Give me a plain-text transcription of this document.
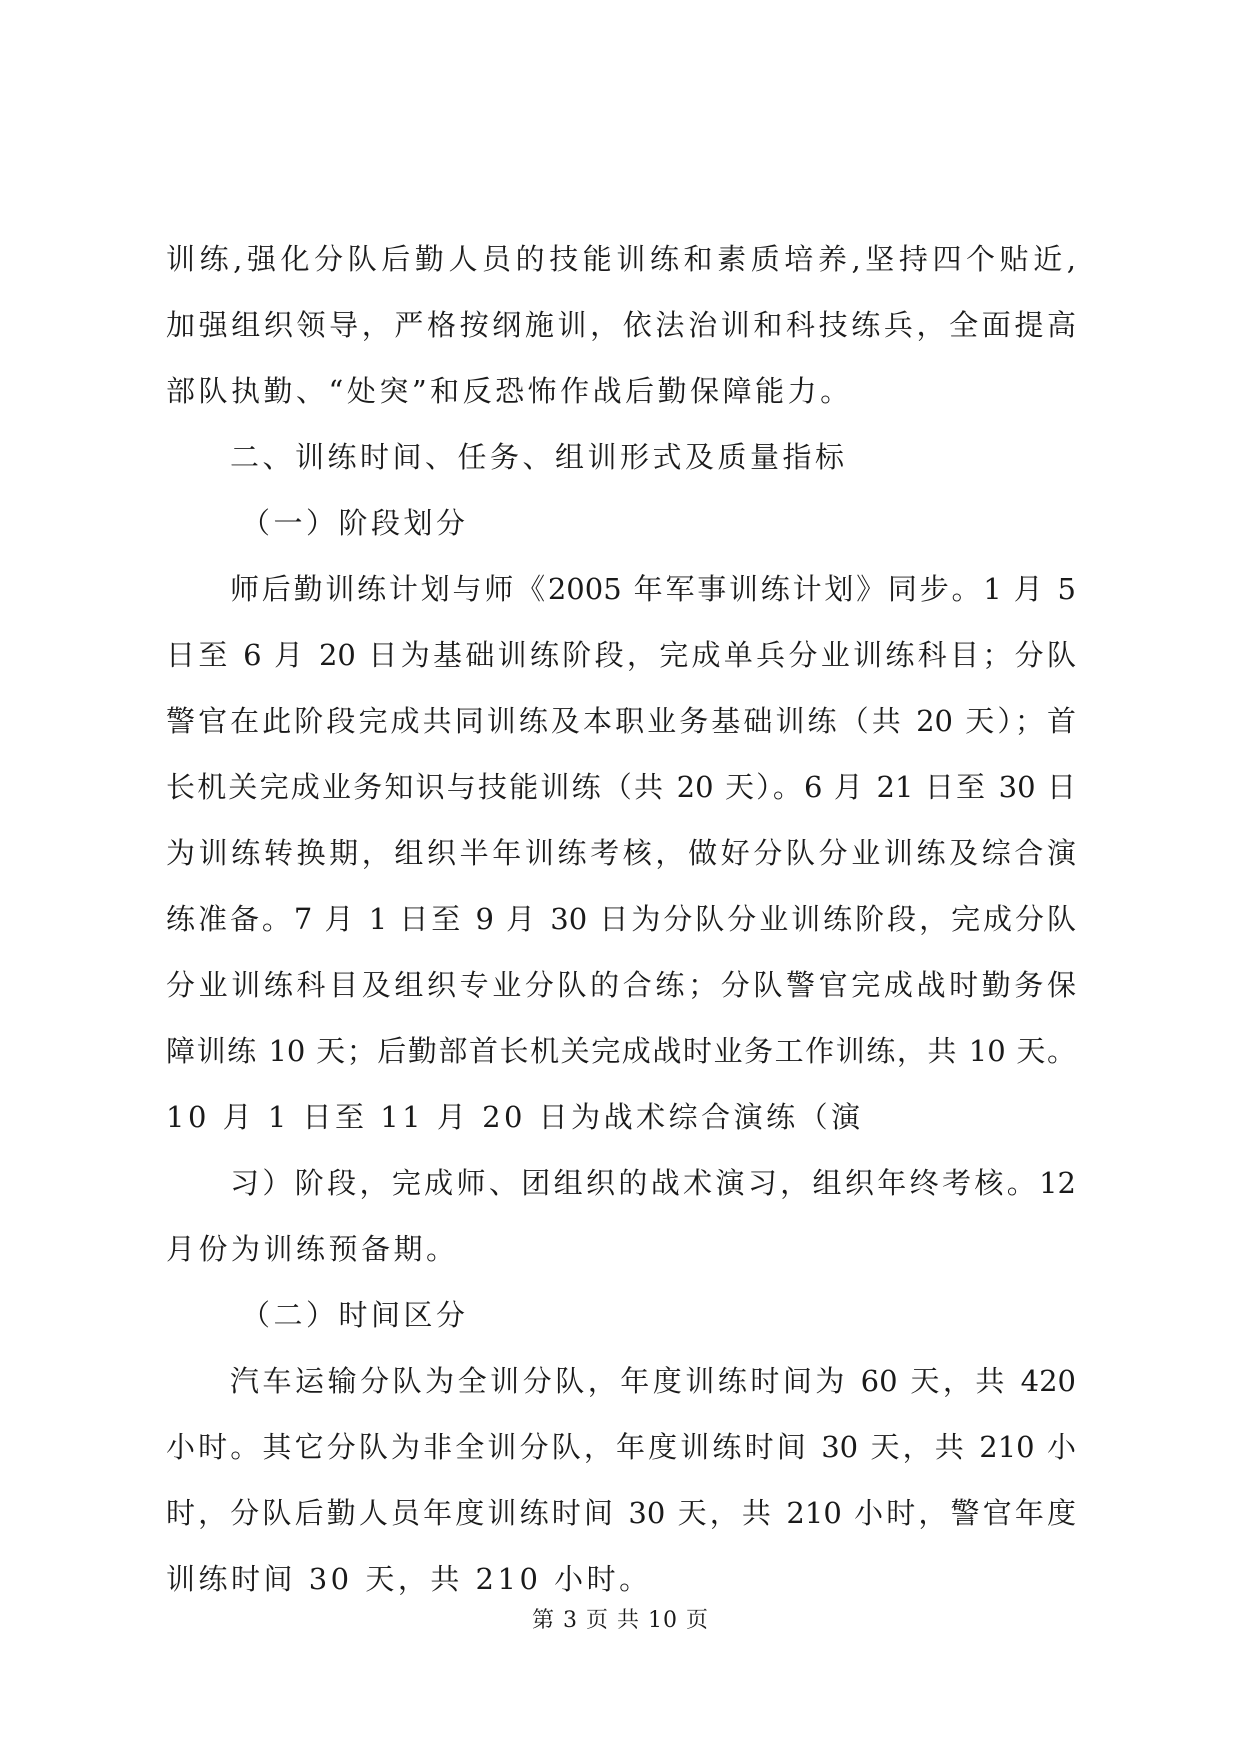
训练,强化分队后勤人员的技能训练和素质培养,坚持四个贴近,
加强组织领导，严格按纲施训，依法治训和科技练兵，全面提高
部队执勤、“处突”和反恐怖作战后勤保障能力。
二、训练时间、任务、组训形式及质量指标
（一）阶段划分
师后勤训练计划与师《2005 年军事训练计划》同步。1 月 5
日至 6 月 20 日为基础训练阶段，完成单兵分业训练科目；分队
警官在此阶段完成共同训练及本职业务基础训练（共 20 天）；首
长机关完成业务知识与技能训练（共 20 天）。6 月 21 日至 30 日
为训练转换期，组织半年训练考核，做好分队分业训练及综合演
练准备。7 月 1 日至 9 月 30 日为分队分业训练阶段，完成分队
分业训练科目及组织专业分队的合练；分队警官完成战时勤务保
障训练 10 天；后勤部首长机关完成战时业务工作训练，共 10 天。
10 月 1 日至 11 月 20 日为战术综合演练（演
习）阶段，完成师、团组织的战术演习，组织年终考核。12
月份为训练预备期。
（二）时间区分
汽车运输分队为全训分队，年度训练时间为 60 天，共 420
小时。其它分队为非全训分队，年度训练时间 30 天，共 210 小
时，分队后勤人员年度训练时间 30 天，共 210 小时，警官年度
训练时间 30 天，共 210 小时。
第 3 页 共 10 页
